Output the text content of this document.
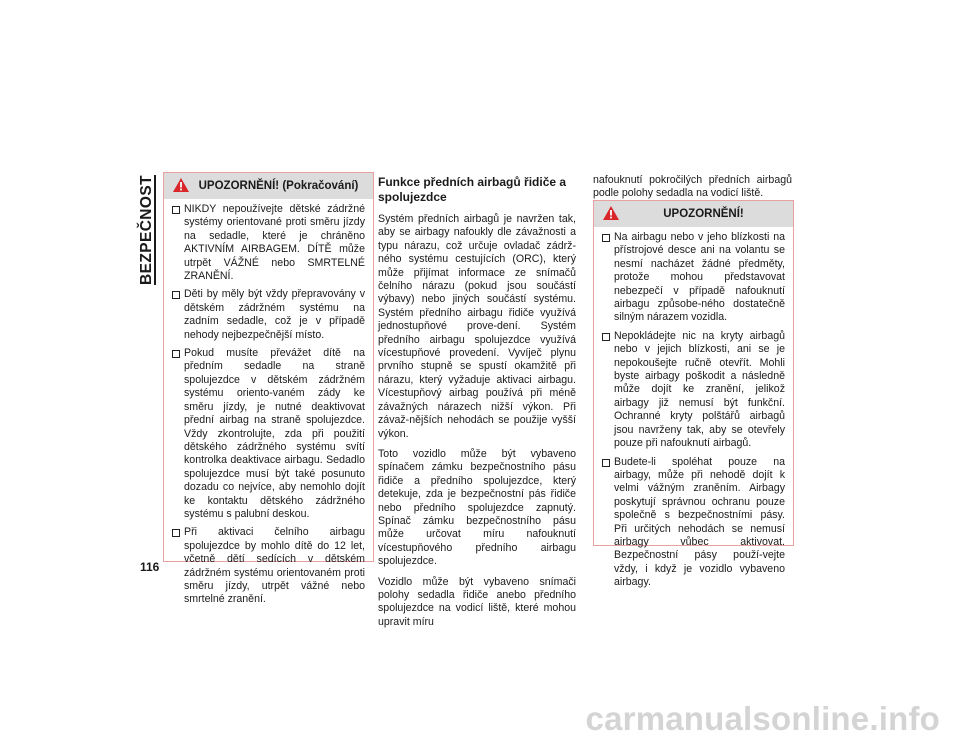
BEZPEČNOST	UPOZORNĚNÍ! (Pokračování)
NIKDY nepoužívejte dětské zádržné systémy orientované proti směru jízdy na sedadle, které je chráněno AKTIVNÍM AIRBAGEM. DÍTĚ může utrpět VÁŽNÉ nebo SMRTELNÉ ZRANĚNÍ.
Děti by měly být vždy přepravovány v dětském zádržném systému na zadním sedadle, což je v případě nehody nejbezpečnější místo.
Pokud musíte převážet dítě na předním sedadle na straně spolujezdce v dětském zádržném systému oriento-vaném zády ke směru jízdy, je nutné deaktivovat přední airbag na straně spolujezdce. Vždy zkontrolujte, zda při použití dětského zádržného systému svítí kontrolka deaktivace airbagu. Sedadlo spolujezdce musí být také posunuto dozadu co nejvíce, aby nemohlo dojít ke kontaktu dětského zádržného systému s palubní deskou.
Při aktivaci čelního airbagu spolujezdce by mohlo dítě do 12 let, včetně dětí sedících v dětském zádržném systému orientovaném proti směru jízdy, utrpět vážné nebo smrtelné zranění.
116
Funkce předních airbagů řidiče a spolujezdce

Systém předních airbagů je navržen tak, aby se airbagy nafoukly dle závažnosti a typu nárazu, což určuje ovladač zádrž-ného systému cestujících (ORC), který může přijímat informace ze snímačů čelního nárazu (pokud jsou součástí výbavy) nebo jiných součástí systému. Systém předního airbagu řidiče využívá jednostupňové prove-dení. Systém předního airbagu spolujezdce využívá vícestupňové provedení. Vyvíječ plynu prvního stupně se spustí okamžitě při nárazu, který vyžaduje aktivaci airbagu. Vícestupňový airbag používá při méně závažných nárazech nižší výkon. Při závaž-nějších nehodách se použije vyšší výkon.

Toto vozidlo může být vybaveno spínačem zámku bezpečnostního pásu řidiče a předního spolujezdce, který detekuje, zda je bezpečnostní pás řidiče nebo předního spolujezdce zapnutý. Spínač zámku bezpečnostního pásu může určovat míru nafouknutí vícestupňového předního airbagu spolujezdce.

Vozidlo může být vybaveno snímači polohy sedadla řidiče anebo předního spolujezdce na vodicí liště, které mohou upravit míru

nafouknutí pokročilých předních airbagů podle polohy sedadla na vodicí liště.

UPOZORNĚNÍ!
Na airbagu nebo v jeho blízkosti na přístrojové desce ani na volantu se nesmí nacházet žádné předměty, protože mohou představovat nebezpečí v případě nafouknutí airbagu způsobe-ného dostatečně silným nárazem vozidla.
Nepokládejte nic na kryty airbagů nebo v jejich blízkosti, ani se je nepokoušejte ručně otevřít. Mohli byste airbagy poškodit a následně může dojít ke zranění, jelikož airbagy již nemusí být funkční. Ochranné kryty polštářů airbagů jsou navrženy tak, aby se otevřely pouze při nafouknutí airbagů.
Budete-li spoléhat pouze na airbagy, může při nehodě dojít k velmi vážným zraněním. Airbagy poskytují správnou ochranu pouze společně s bezpečnostními pásy. Při určitých nehodách se nemusí airbagy vůbec aktivovat. Bezpečnostní pásy použí-vejte vždy, i když je vozidlo vybaveno airbagy.
carmanualsonline.info
